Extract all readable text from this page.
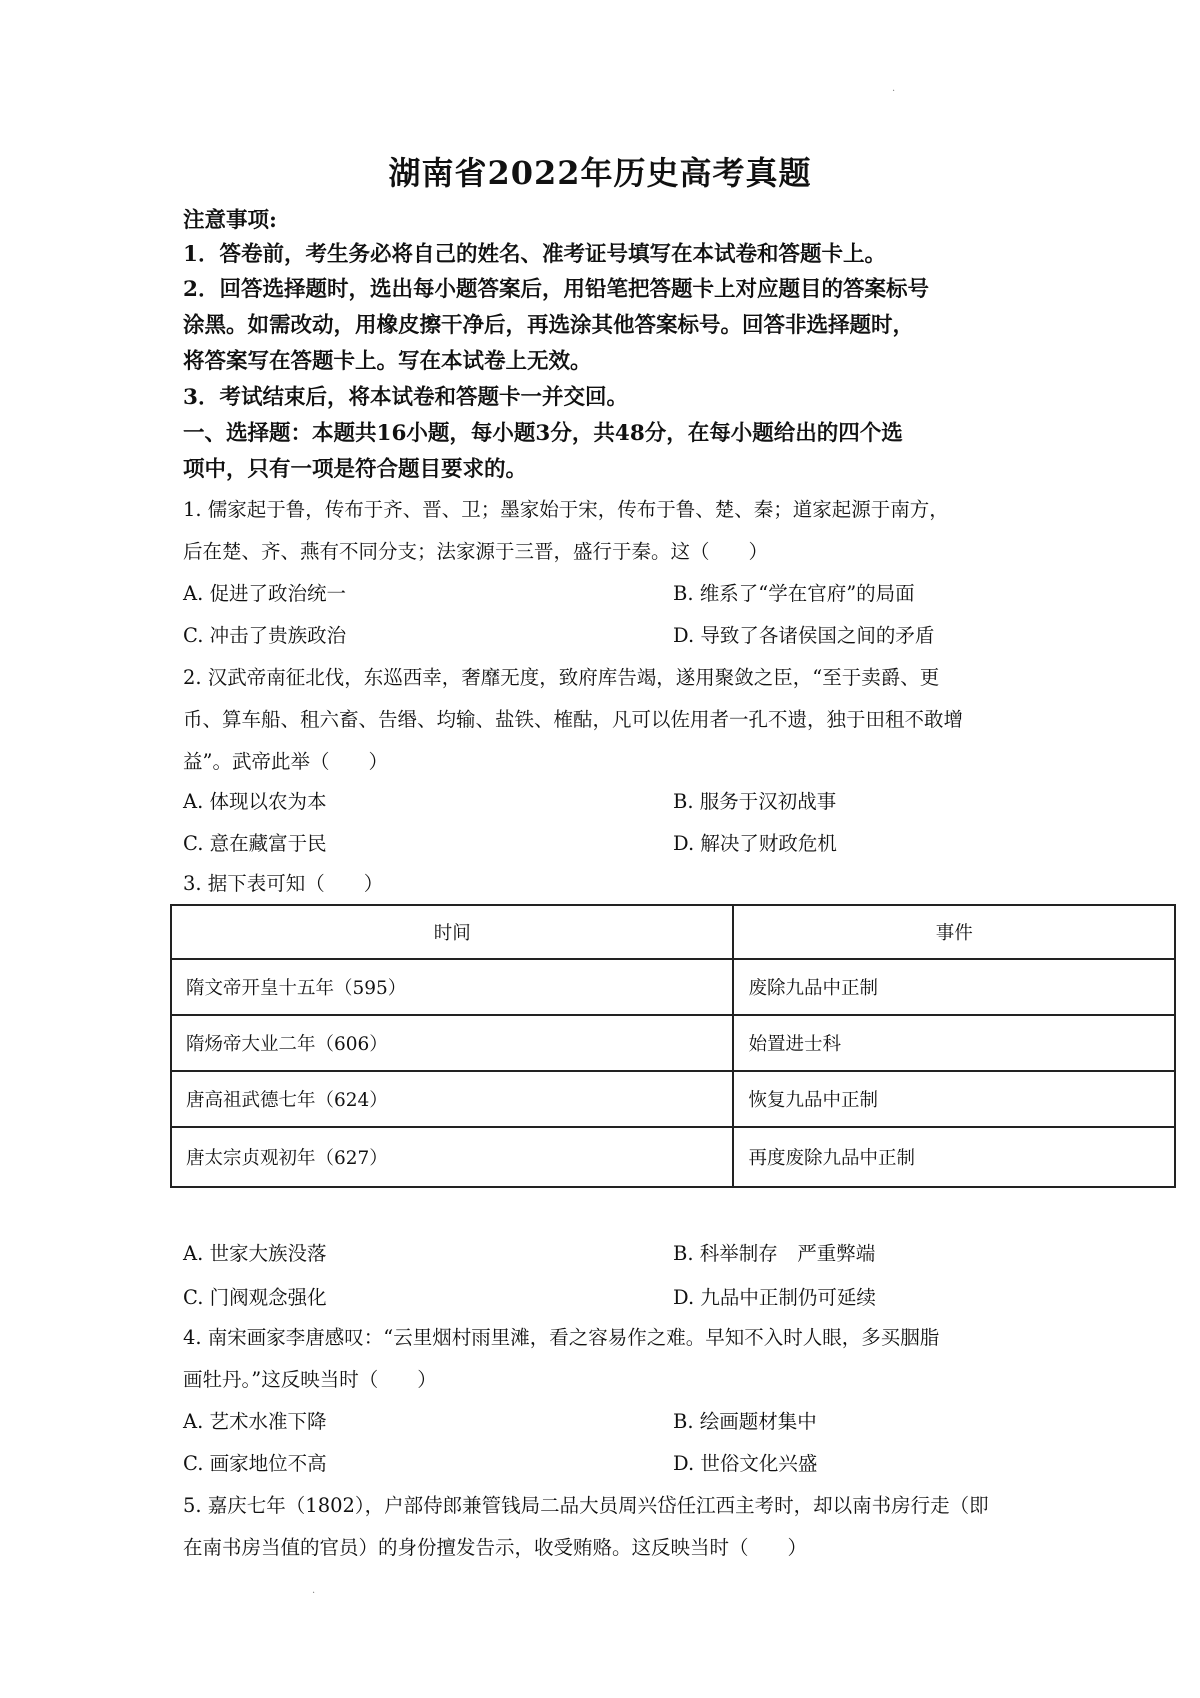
·
湖南省2022年历史高考真题
注意事项:
1．答卷前，考生务必将自己的姓名、准考证号填写在本试卷和答题卡上。
2．回答选择题时，选出每小题答案后，用铅笔把答题卡上对应题目的答案标号
涂黑。如需改动，用橡皮擦干净后，再选涂其他答案标号。回答非选择题时，
将答案写在答题卡上。写在本试卷上无效。
3．考试结束后，将本试卷和答题卡一并交回。
一、选择题：本题共16小题，每小题3分，共48分，在每小题给出的四个选
项中，只有一项是符合题目要求的。
1. 儒家起于鲁，传布于齐、晋、卫；墨家始于宋，传布于鲁、楚、秦；道家起源于南方，
后在楚、齐、燕有不同分支；法家源于三晋，盛行于秦。这（　　）
A. 促进了政治统一	B. 维系了“学在官府”的局面
C. 冲击了贵族政治	D. 导致了各诸侯国之间的矛盾
2. 汉武帝南征北伐，东巡西幸，奢靡无度，致府库告竭，遂用聚敛之臣，“至于卖爵、更
币、算车船、租六畜、告缗、均输、盐铁、榷酤，凡可以佐用者一孔不遗，独于田租不敢增
益”。武帝此举（　　）
A. 体现以农为本	B. 服务于汉初战事
C. 意在藏富于民	D. 解决了财政危机
3. 据下表可知（　　）
时间	事件
隋文帝开皇十五年（595）	废除九品中正制
隋炀帝大业二年（606）	始置进士科
唐高祖武德七年（624）	恢复九品中正制
唐太宗贞观初年（627）	再度废除九品中正制
A. 世家大族没落	B. 科举制存　严重弊端
C. 门阀观念强化	D. 九品中正制仍可延续
4. 南宋画家李唐感叹：“云里烟村雨里滩，看之容易作之难。早知不入时人眼，多买胭脂
画牡丹。”这反映当时（　　）
A. 艺术水准下降	B. 绘画题材集中
C. 画家地位不高	D. 世俗文化兴盛
5. 嘉庆七年（1802），户部侍郎兼管钱局二品大员周兴岱任江西主考时，却以南书房行走（即
在南书房当值的官员）的身份擅发告示，收受贿赂。这反映当时（　　）
·
